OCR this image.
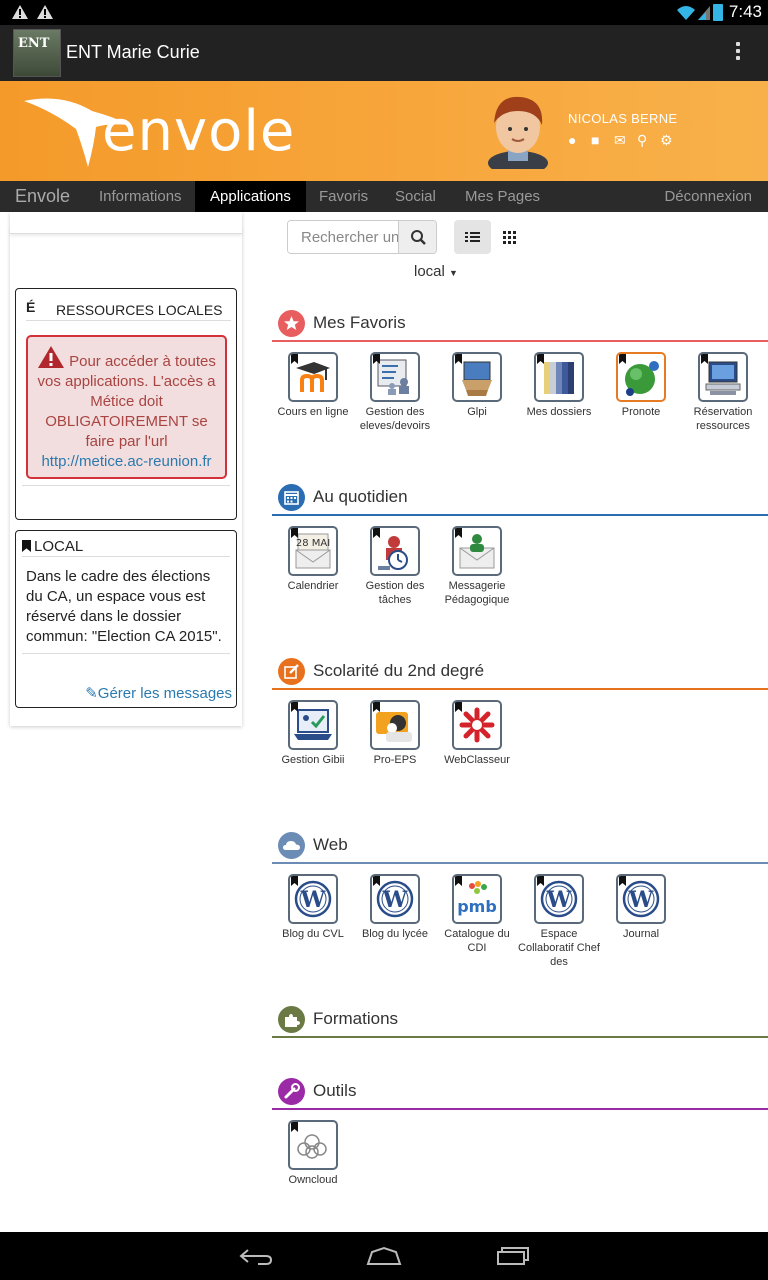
7:43
ENT ENT Marie Curie
envole	NICOLAS BERNE
●	■	✉ ⚲ ⚙
Envole Informations	Applications	Favoris Social Mes Pages	Déconnexion
É RESSOURCES LOCALES
Pour accéder à toutes vos applications. L'accès a Métice doit OBLIGATOIREMENT se faire par l'url
http://metice.ac-reunion.fr
LOCAL
Dans le cadre des élections du CA, un espace vous est réservé dans le dossier commun: "Election CA 2015".
✎Gérer les messages
Rechercher une application
local ▼
Mes Favoris
Cours en ligne	Gestion des eleves/devoirs
Glpi	Mes dossiers	Pronote	Réservation ressources
Au quotidien
28 MAI
Calendrier	Gestion des tâches
Messagerie Pédagogique
Scolarité du 2nd degré
Gestion Gibii	Pro-EPS	WebClasseur
Web
W
Blog du CVL
W
Blog du lycée
pmb
Catalogue du CDI
W
Espace Collaboratif Chef des
W
Journal
Formations
Outils
Owncloud
